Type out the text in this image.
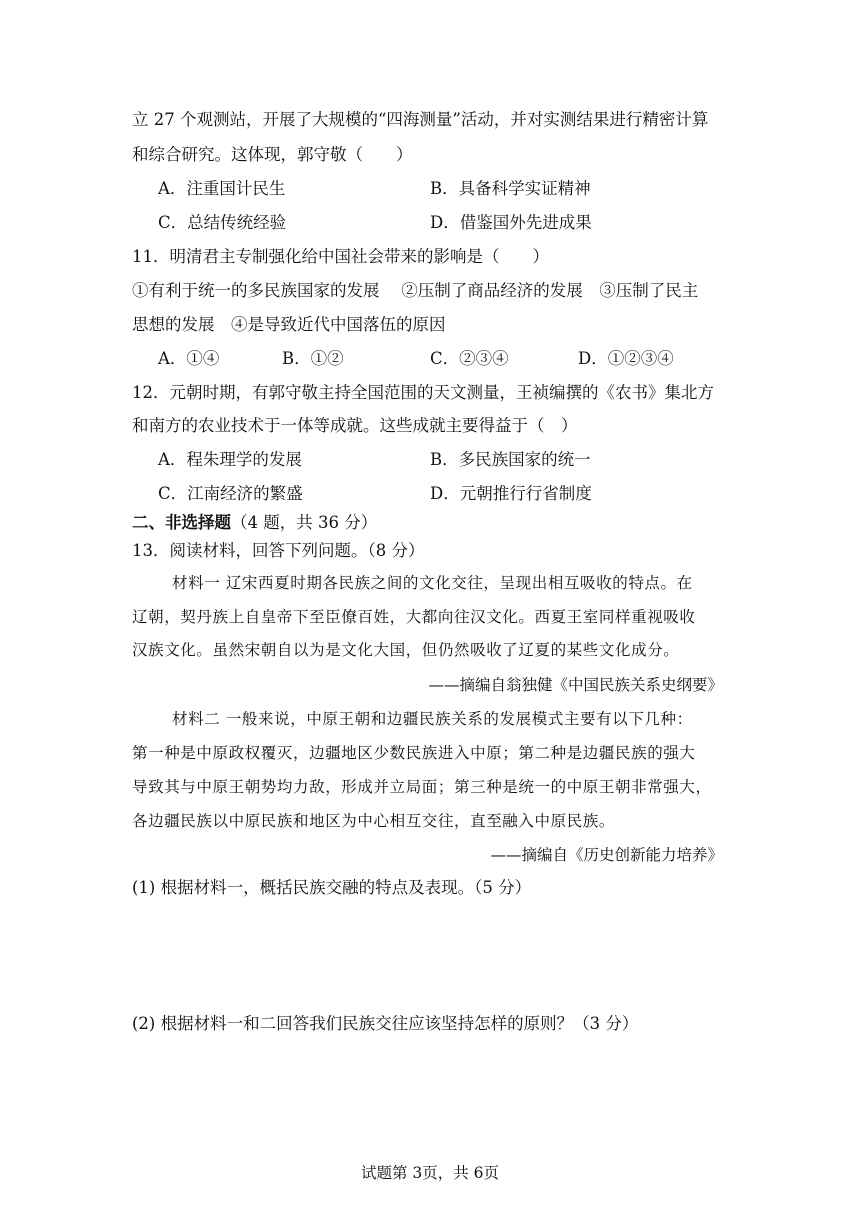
立 27 个观测站，开展了大规模的“四海测量”活动，并对实测结果进行精密计算
和综合研究。这体现，郭守敬（　　）
A．注重国计民生	B．具备科学实证精神
C．总结传统经验	D．借鉴国外先进成果
11．明清君主专制强化给中国社会带来的影响是（　　）
①有利于统一的多民族国家的发展　 ②压制了商品经济的发展　③压制了民主
思想的发展　④是导致近代中国落伍的原因
A．①④	B．①②	C．②③④	D．①②③④
12．元朝时期，有郭守敬主持全国范围的天文测量，王祯编撰的《农书》集北方
和南方的农业技术于一体等成就。这些成就主要得益于（　）
A．程朱理学的发展	B．多民族国家的统一
C．江南经济的繁盛	D．元朝推行行省制度
二、非选择题（4 题，共 36 分）
13．阅读材料，回答下列问题。（8 分）
材料一 辽宋西夏时期各民族之间的文化交往，呈现出相互吸收的特点。在
辽朝，契丹族上自皇帝下至臣僚百姓，大都向往汉文化。西夏王室同样重视吸收
汉族文化。虽然宋朝自以为是文化大国，但仍然吸收了辽夏的某些文化成分。
——摘编自翁独健《中国民族关系史纲要》
材料二 一般来说，中原王朝和边疆民族关系的发展模式主要有以下几种：
第一种是中原政权覆灭，边疆地区少数民族进入中原；第二种是边疆民族的强大
导致其与中原王朝势均力敌，形成并立局面；第三种是统一的中原王朝非常强大，
各边疆民族以中原民族和地区为中心相互交往，直至融入中原民族。
——摘编自《历史创新能力培养》
(1) 根据材料一，概括民族交融的特点及表现。（5 分）
(2) 根据材料一和二回答我们民族交往应该坚持怎样的原则？（3 分）
试题第 3页，共 6页
